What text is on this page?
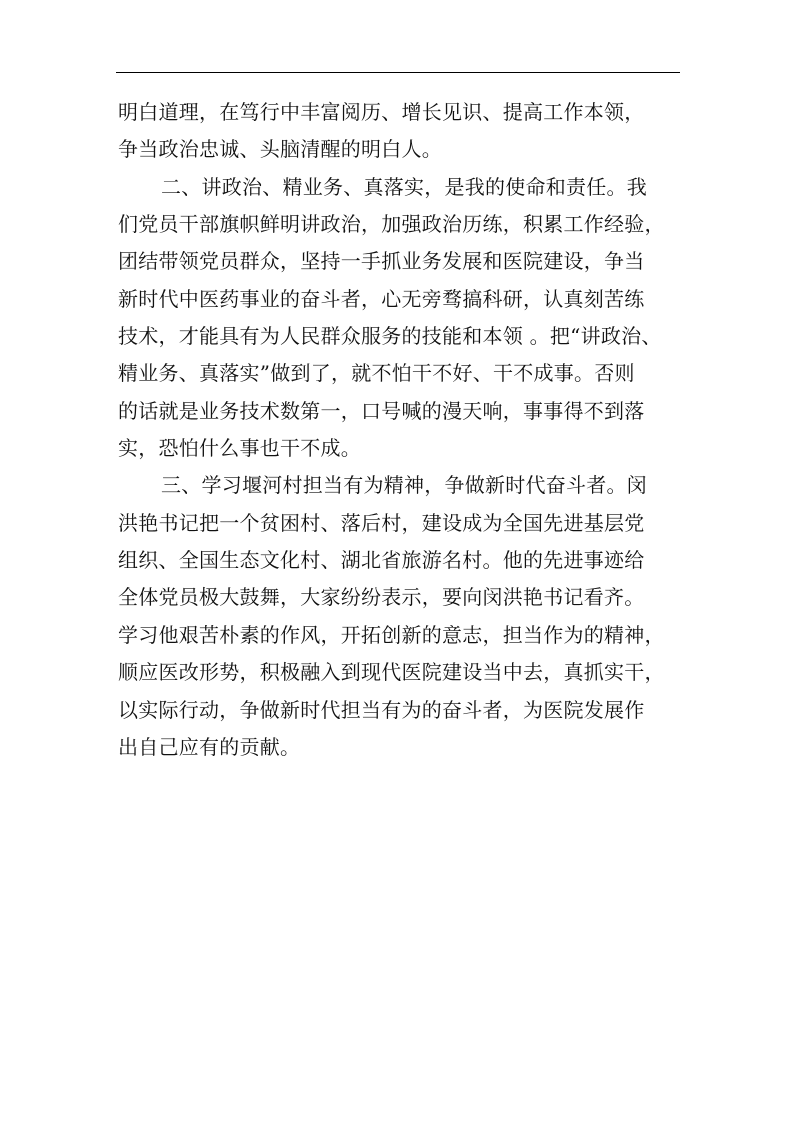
明白道理，在笃行中丰富阅历、增长见识、提高工作本领，
争当政治忠诚、头脑清醒的明白人。
二、讲政治、精业务、真落实，是我的使命和责任。我
们党员干部旗帜鲜明讲政治，加强政治历练，积累工作经验，
团结带领党员群众，坚持一手抓业务发展和医院建设，争当
新时代中医药事业的奋斗者，心无旁骛搞科研，认真刻苦练
技术，才能具有为人民群众服务的技能和本领 。把“讲政治、
精业务、真落实”做到了，就不怕干不好、干不成事。否则
的话就是业务技术数第一，口号喊的漫天响，事事得不到落
实，恐怕什么事也干不成。
三、学习堰河村担当有为精神，争做新时代奋斗者。闵
洪艳书记把一个贫困村、落后村，建设成为全国先进基层党
组织、全国生态文化村、湖北省旅游名村。他的先进事迹给
全体党员极大鼓舞，大家纷纷表示，要向闵洪艳书记看齐。
学习他艰苦朴素的作风，开拓创新的意志，担当作为的精神，
顺应医改形势，积极融入到现代医院建设当中去，真抓实干，
以实际行动，争做新时代担当有为的奋斗者，为医院发展作
出自己应有的贡献。
